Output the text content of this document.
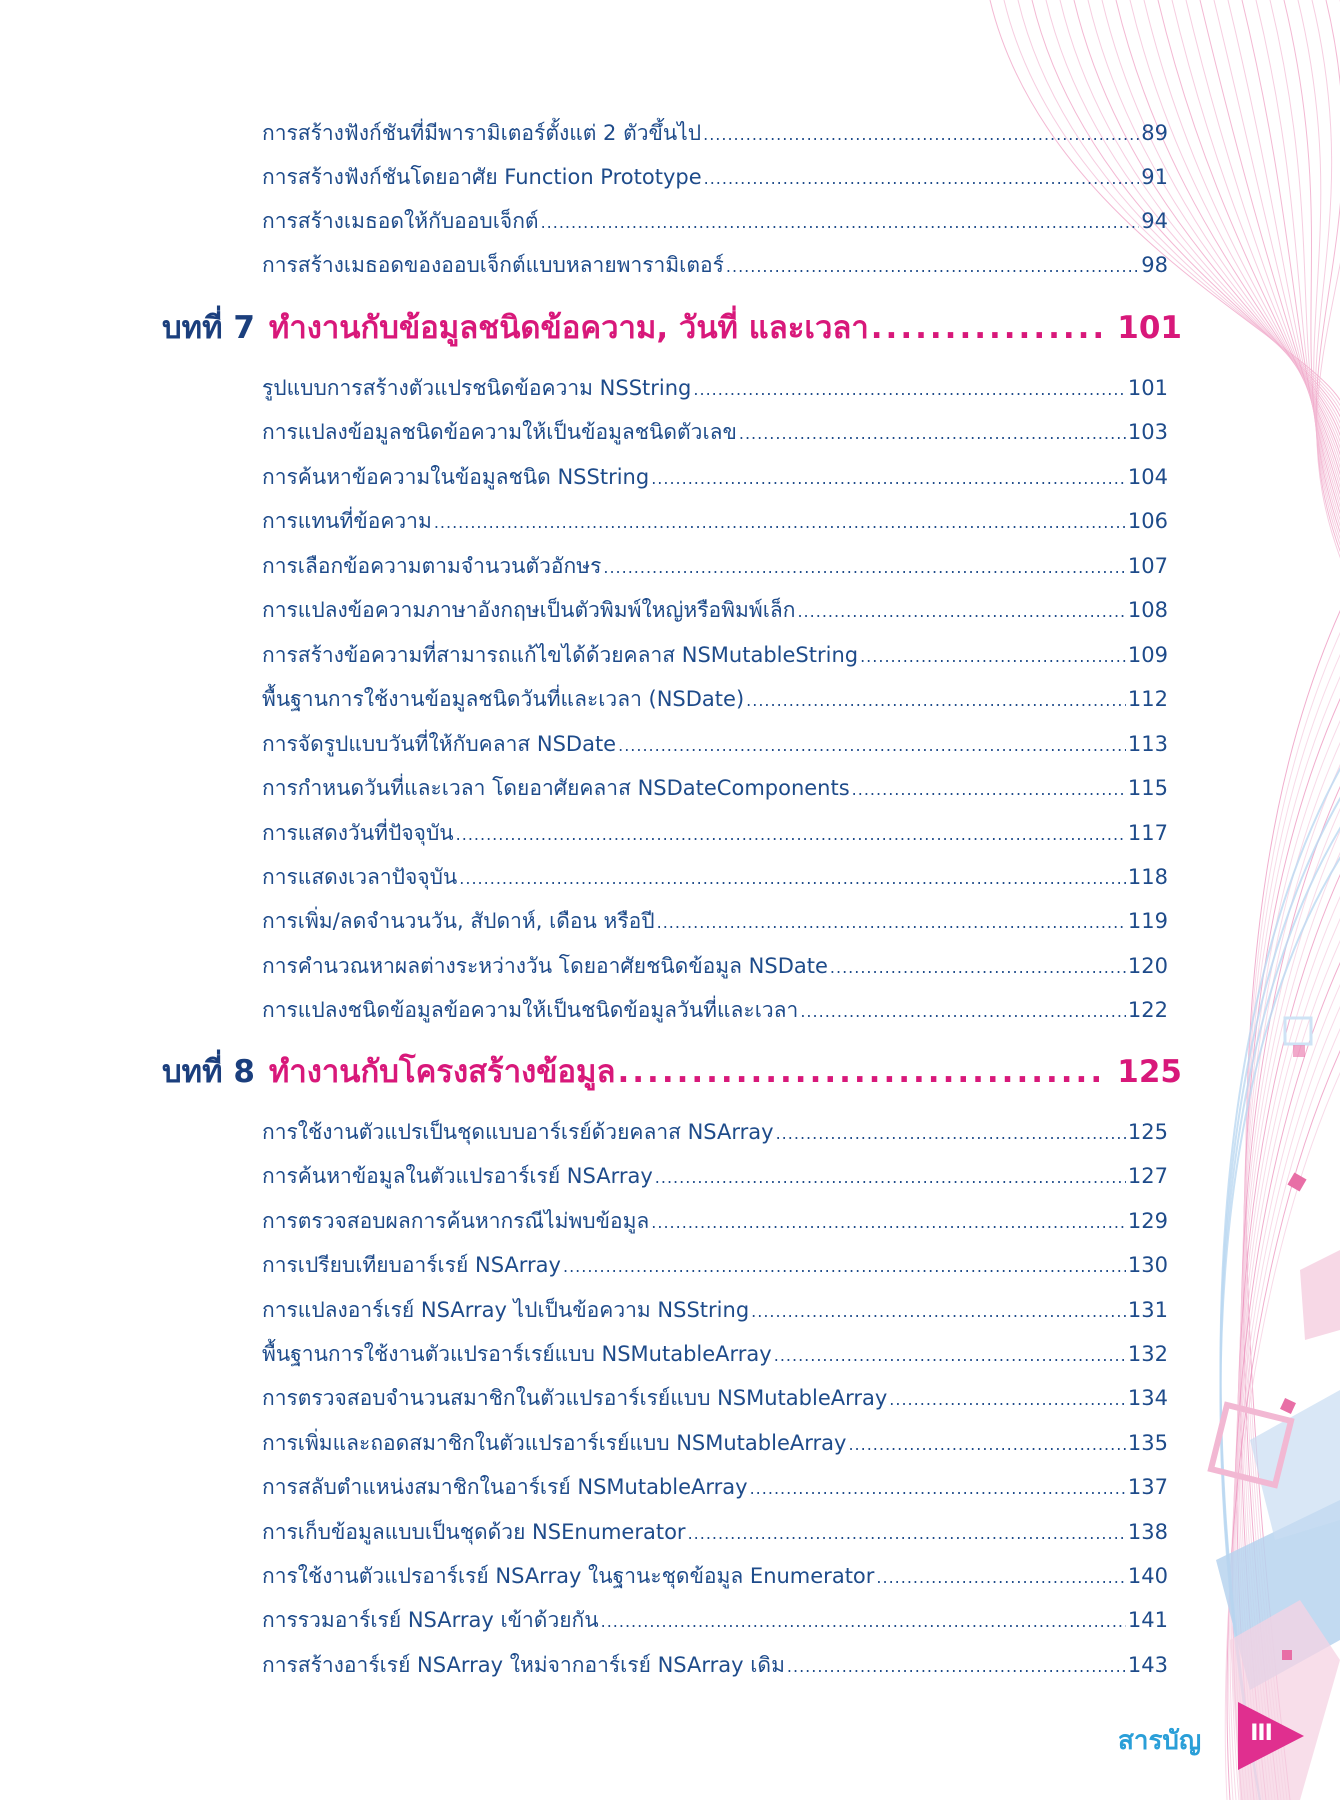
การสร้างฟังก์ชันที่มีพารามิเตอร์ตั้งแต่ 2 ตัวขึ้นไป .....	89
การสร้างฟังก์ชันโดยอาศัย Function Prototype .....	91
การสร้างเมธอดให้กับออบเจ็กต์ .....	94
การสร้างเมธอดของออบเจ็กต์แบบหลายพารามิเตอร์ .....	98
บทที่ 7 ทำงานกับข้อมูลชนิดข้อความ, วันที่ และเวลา .....	101
รูปแบบการสร้างตัวแปรชนิดข้อความ NSString .....	101
การแปลงข้อมูลชนิดข้อความให้เป็นข้อมูลชนิดตัวเลข .....	103
การค้นหาข้อความในข้อมูลชนิด NSString .....	104
การแทนที่ข้อความ .....	106
การเลือกข้อความตามจำนวนตัวอักษร .....	107
การแปลงข้อความภาษาอังกฤษเป็นตัวพิมพ์ใหญ่หรือพิมพ์เล็ก .....	108
การสร้างข้อความที่สามารถแก้ไขได้ด้วยคลาส NSMutableString .....	109
พื้นฐานการใช้งานข้อมูลชนิดวันที่และเวลา (NSDate) .....	112
การจัดรูปแบบวันที่ให้กับคลาส NSDate .....	113
การกำหนดวันที่และเวลา โดยอาศัยคลาส NSDateComponents .....	115
การแสดงวันที่ปัจจุบัน .....	117
การแสดงเวลาปัจจุบัน .....	118
การเพิ่ม/ลดจำนวนวัน, สัปดาห์, เดือน หรือปี .....	119
การคำนวณหาผลต่างระหว่างวัน โดยอาศัยชนิดข้อมูล NSDate .....	120
การแปลงชนิดข้อมูลข้อความให้เป็นชนิดข้อมูลวันที่และเวลา .....	122
บทที่ 8 ทำงานกับโครงสร้างข้อมูล .....	125
การใช้งานตัวแปรเป็นชุดแบบอาร์เรย์ด้วยคลาส NSArray .....	125
การค้นหาข้อมูลในตัวแปรอาร์เรย์ NSArray .....	127
การตรวจสอบผลการค้นหากรณีไม่พบข้อมูล .....	129
การเปรียบเทียบอาร์เรย์ NSArray .....	130
การแปลงอาร์เรย์ NSArray ไปเป็นข้อความ NSString .....	131
พื้นฐานการใช้งานตัวแปรอาร์เรย์แบบ NSMutableArray .....	132
การตรวจสอบจำนวนสมาชิกในตัวแปรอาร์เรย์แบบ NSMutableArray .....	134
การเพิ่มและถอดสมาชิกในตัวแปรอาร์เรย์แบบ NSMutableArray .....	135
การสลับตำแหน่งสมาชิกในอาร์เรย์ NSMutableArray .....	137
การเก็บข้อมูลแบบเป็นชุดด้วย NSEnumerator .....	138
การใช้งานตัวแปรอาร์เรย์ NSArray ในฐานะชุดข้อมูล Enumerator .....	140
การรวมอาร์เรย์ NSArray เข้าด้วยกัน .....	141
การสร้างอาร์เรย์ NSArray ใหม่จากอาร์เรย์ NSArray เดิม .....	143
สารบัญ III
